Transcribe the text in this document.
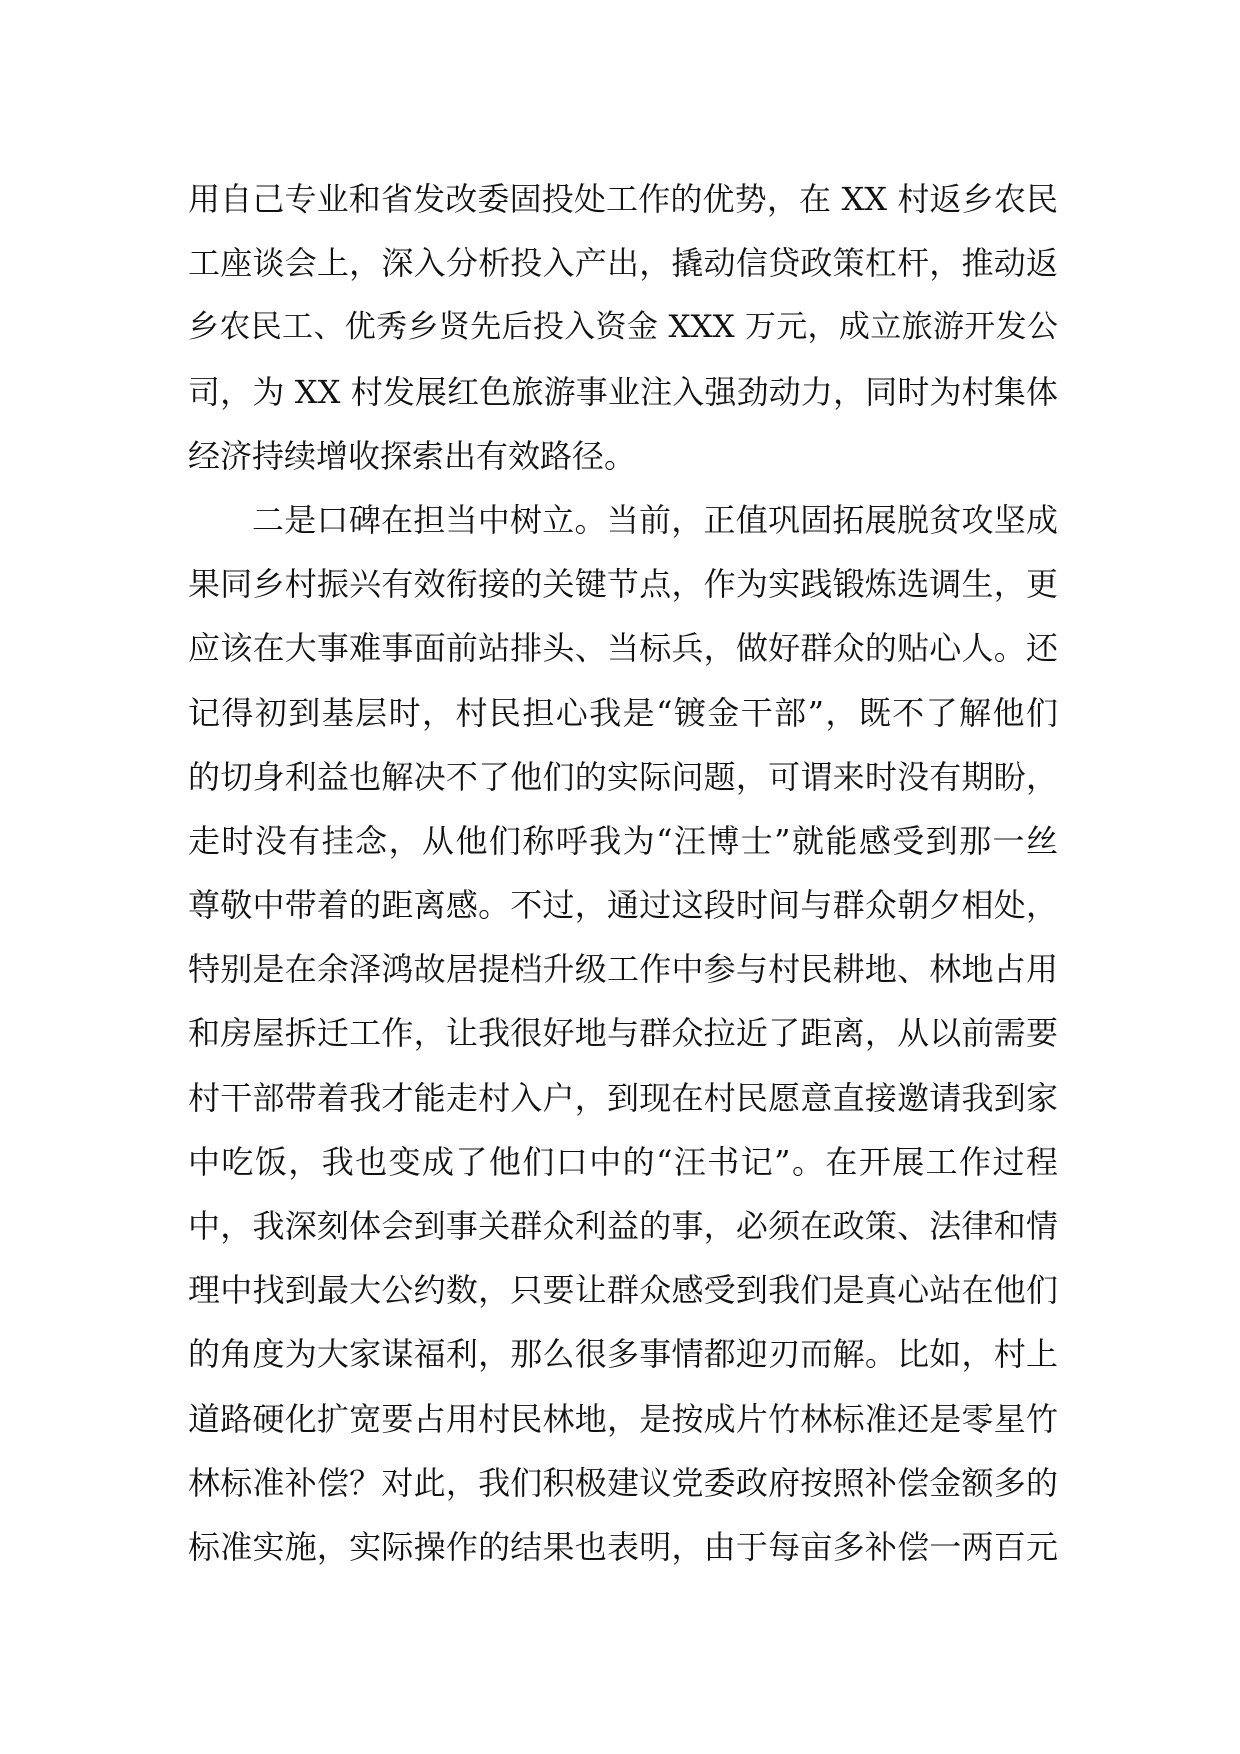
用自己专业和省发改委固投处工作的优势，在 XX 村返乡农民
工座谈会上，深入分析投入产出，撬动信贷政策杠杆，推动返
乡农民工、优秀乡贤先后投入资金 XXX 万元，成立旅游开发公
司，为 XX 村发展红色旅游事业注入强劲动力，同时为村集体
经济持续增收探索出有效路径。
二是口碑在担当中树立。当前，正值巩固拓展脱贫攻坚成
果同乡村振兴有效衔接的关键节点，作为实践锻炼选调生，更
应该在大事难事面前站排头、当标兵，做好群众的贴心人。还
记得初到基层时，村民担心我是“镀金干部”，既不了解他们
的切身利益也解决不了他们的实际问题，可谓来时没有期盼，
走时没有挂念，从他们称呼我为“汪博士”就能感受到那一丝
尊敬中带着的距离感。不过，通过这段时间与群众朝夕相处，
特别是在余泽鸿故居提档升级工作中参与村民耕地、林地占用
和房屋拆迁工作，让我很好地与群众拉近了距离，从以前需要
村干部带着我才能走村入户，到现在村民愿意直接邀请我到家
中吃饭，我也变成了他们口中的“汪书记”。在开展工作过程
中，我深刻体会到事关群众利益的事，必须在政策、法律和情
理中找到最大公约数，只要让群众感受到我们是真心站在他们
的角度为大家谋福利，那么很多事情都迎刃而解。比如，村上
道路硬化扩宽要占用村民林地，是按成片竹林标准还是零星竹
林标准补偿？对此，我们积极建议党委政府按照补偿金额多的
标准实施，实际操作的结果也表明，由于每亩多补偿一两百元
